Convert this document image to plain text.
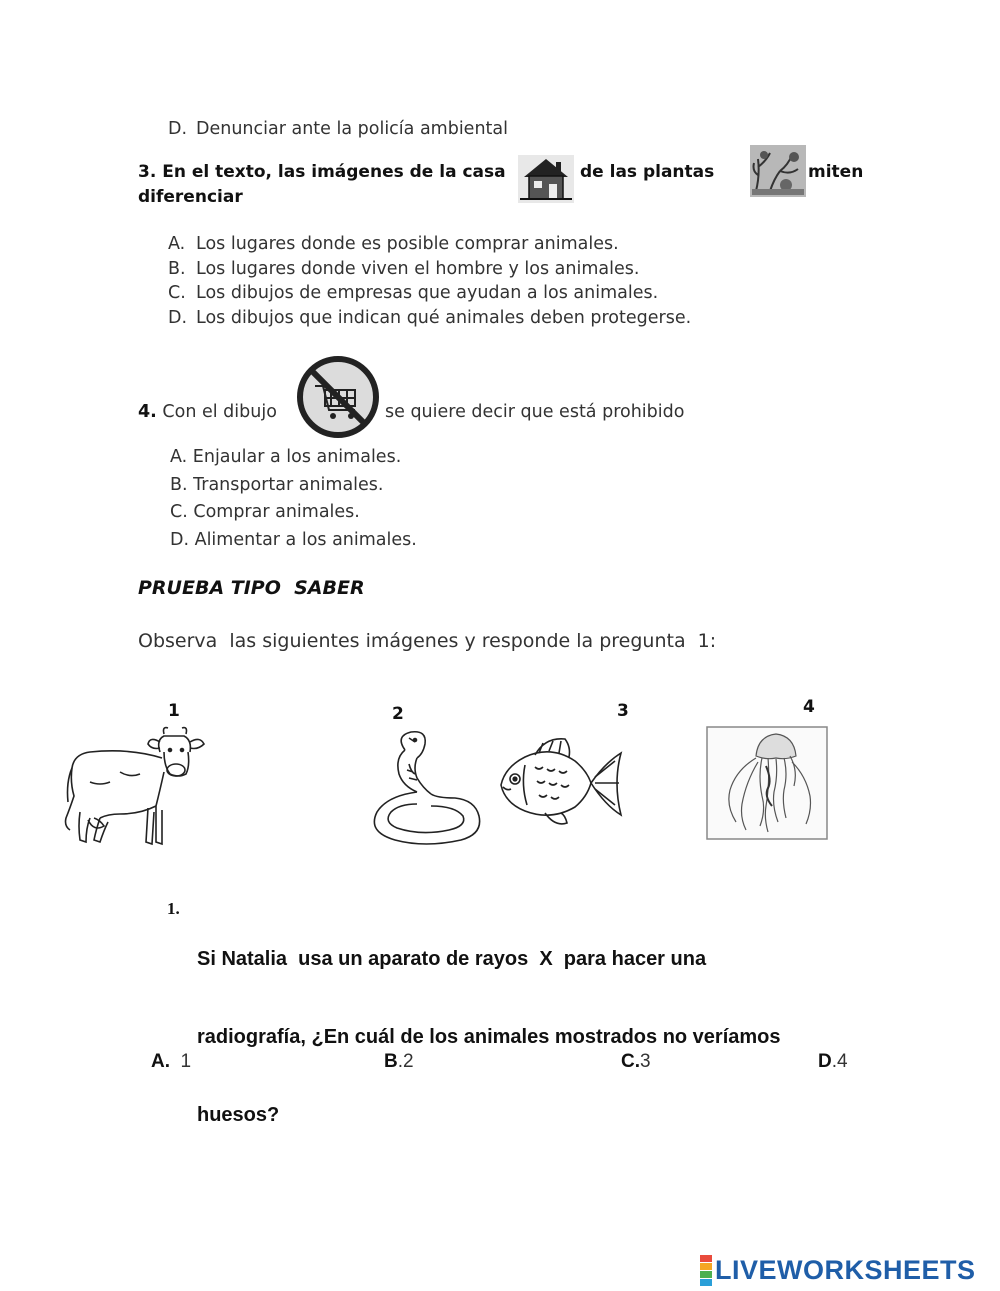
D. Denunciar ante la policía ambiental
3. En el texto, las imágenes de la casa	de las plantas	miten
diferenciar
A. Los lugares donde es posible comprar animales.
B. Los lugares donde viven el hombre y los animales.
C. Los dibujos de empresas que ayudan a los animales.
D. Los dibujos que indican qué animales deben protegerse.
4. Con el dibujo	se quiere decir que está prohibido
A. Enjaular a los animales.
B. Transportar animales.
C. Comprar animales.
D. Alimentar a los animales.
PRUEBA TIPO  SABER
Observa  las siguientes imágenes y responde la pregunta  1:
1	2	3	4
1.

Si Natalia  usa un aparato de rayos  X  para hacer una

radiografía, ¿En cuál de los animales mostrados no veríamos

huesos?

A.  1	B.2	C.3	D.4
LIVEWORKSHEETS
